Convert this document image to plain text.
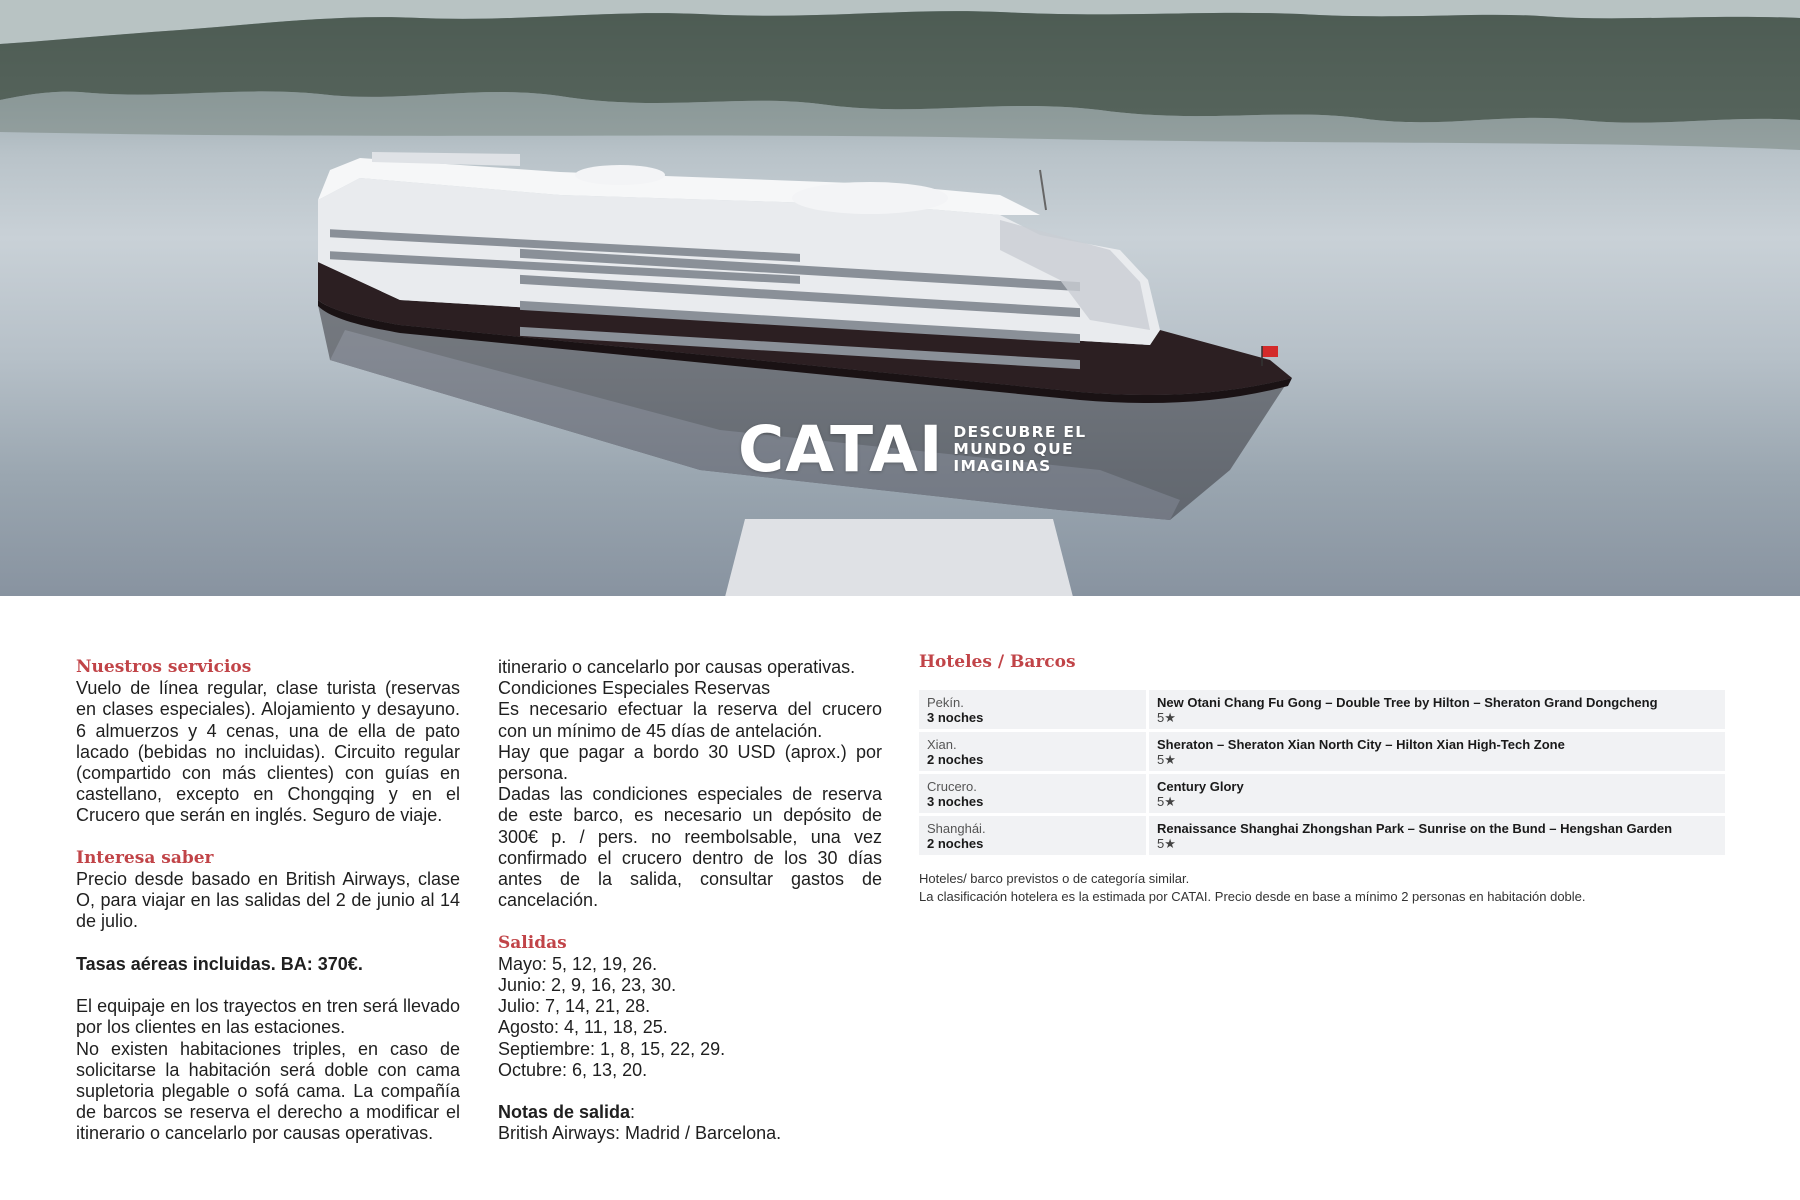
CATAI DESCUBRE EL
MUNDO QUE
IMAGINAS

Nuestros servicios

Vuelo de línea regular, clase turista (reservas en clases especiales). Alojamiento y desayuno. 6 almuerzos y 4 cenas, una de ella de pato lacado (bebidas no incluidas). Circuito regular (compartido con más clientes) con guías en castellano, excepto en Chongqing y en el Crucero que serán en inglés. Seguro de viaje.

Interesa saber

Precio desde basado en British Airways, clase O, para viajar en las salidas del 2 de junio al 14 de julio.

Tasas aéreas incluidas. BA: 370€.

El equipaje en los trayectos en tren será llevado por los clientes en las estaciones.

No existen habitaciones triples, en caso de solicitarse la habitación será doble con cama supletoria plegable o sofá cama. La compañía de barcos se reserva el derecho a modificar el itinerario o cancelarlo por causas operativas.

itinerario o cancelarlo por causas operativas.

Condiciones Especiales Reservas

Es necesario efectuar la reserva del crucero con un mínimo de 45 días de antelación.

Hay que pagar a bordo 30 USD (aprox.) por persona.

Dadas las condiciones especiales de reserva de este barco, es necesario un depósito de 300€ p. / pers. no reembolsable, una vez confirmado el crucero dentro de los 30 días antes de la salida, consultar gastos de cancelación.

Salidas

Mayo: 5, 12, 19, 26.

Junio: 2, 9, 16, 23, 30.

Julio: 7, 14, 21, 28.

Agosto: 4, 11, 18, 25.

Septiembre: 1, 8, 15, 22, 29.

Octubre: 6, 13, 20.

Notas de salida:

British Airways: Madrid / Barcelona.

Hoteles / Barcos
Pekín.
3 noches	New Otani Chang Fu Gong – Double Tree by Hilton – Sheraton Grand Dongcheng
5★
Xian.
2 noches	Sheraton – Sheraton Xian North City – Hilton Xian High-Tech Zone
5★
Crucero.
3 noches	Century Glory
5★
Shanghái.
2 noches	Renaissance Shanghai Zhongshan Park – Sunrise on the Bund – Hengshan Garden
5★
Hoteles/ barco previstos o de categoría similar.
La clasificación hotelera es la estimada por CATAI. Precio desde en base a mínimo 2 personas en habitación doble.
